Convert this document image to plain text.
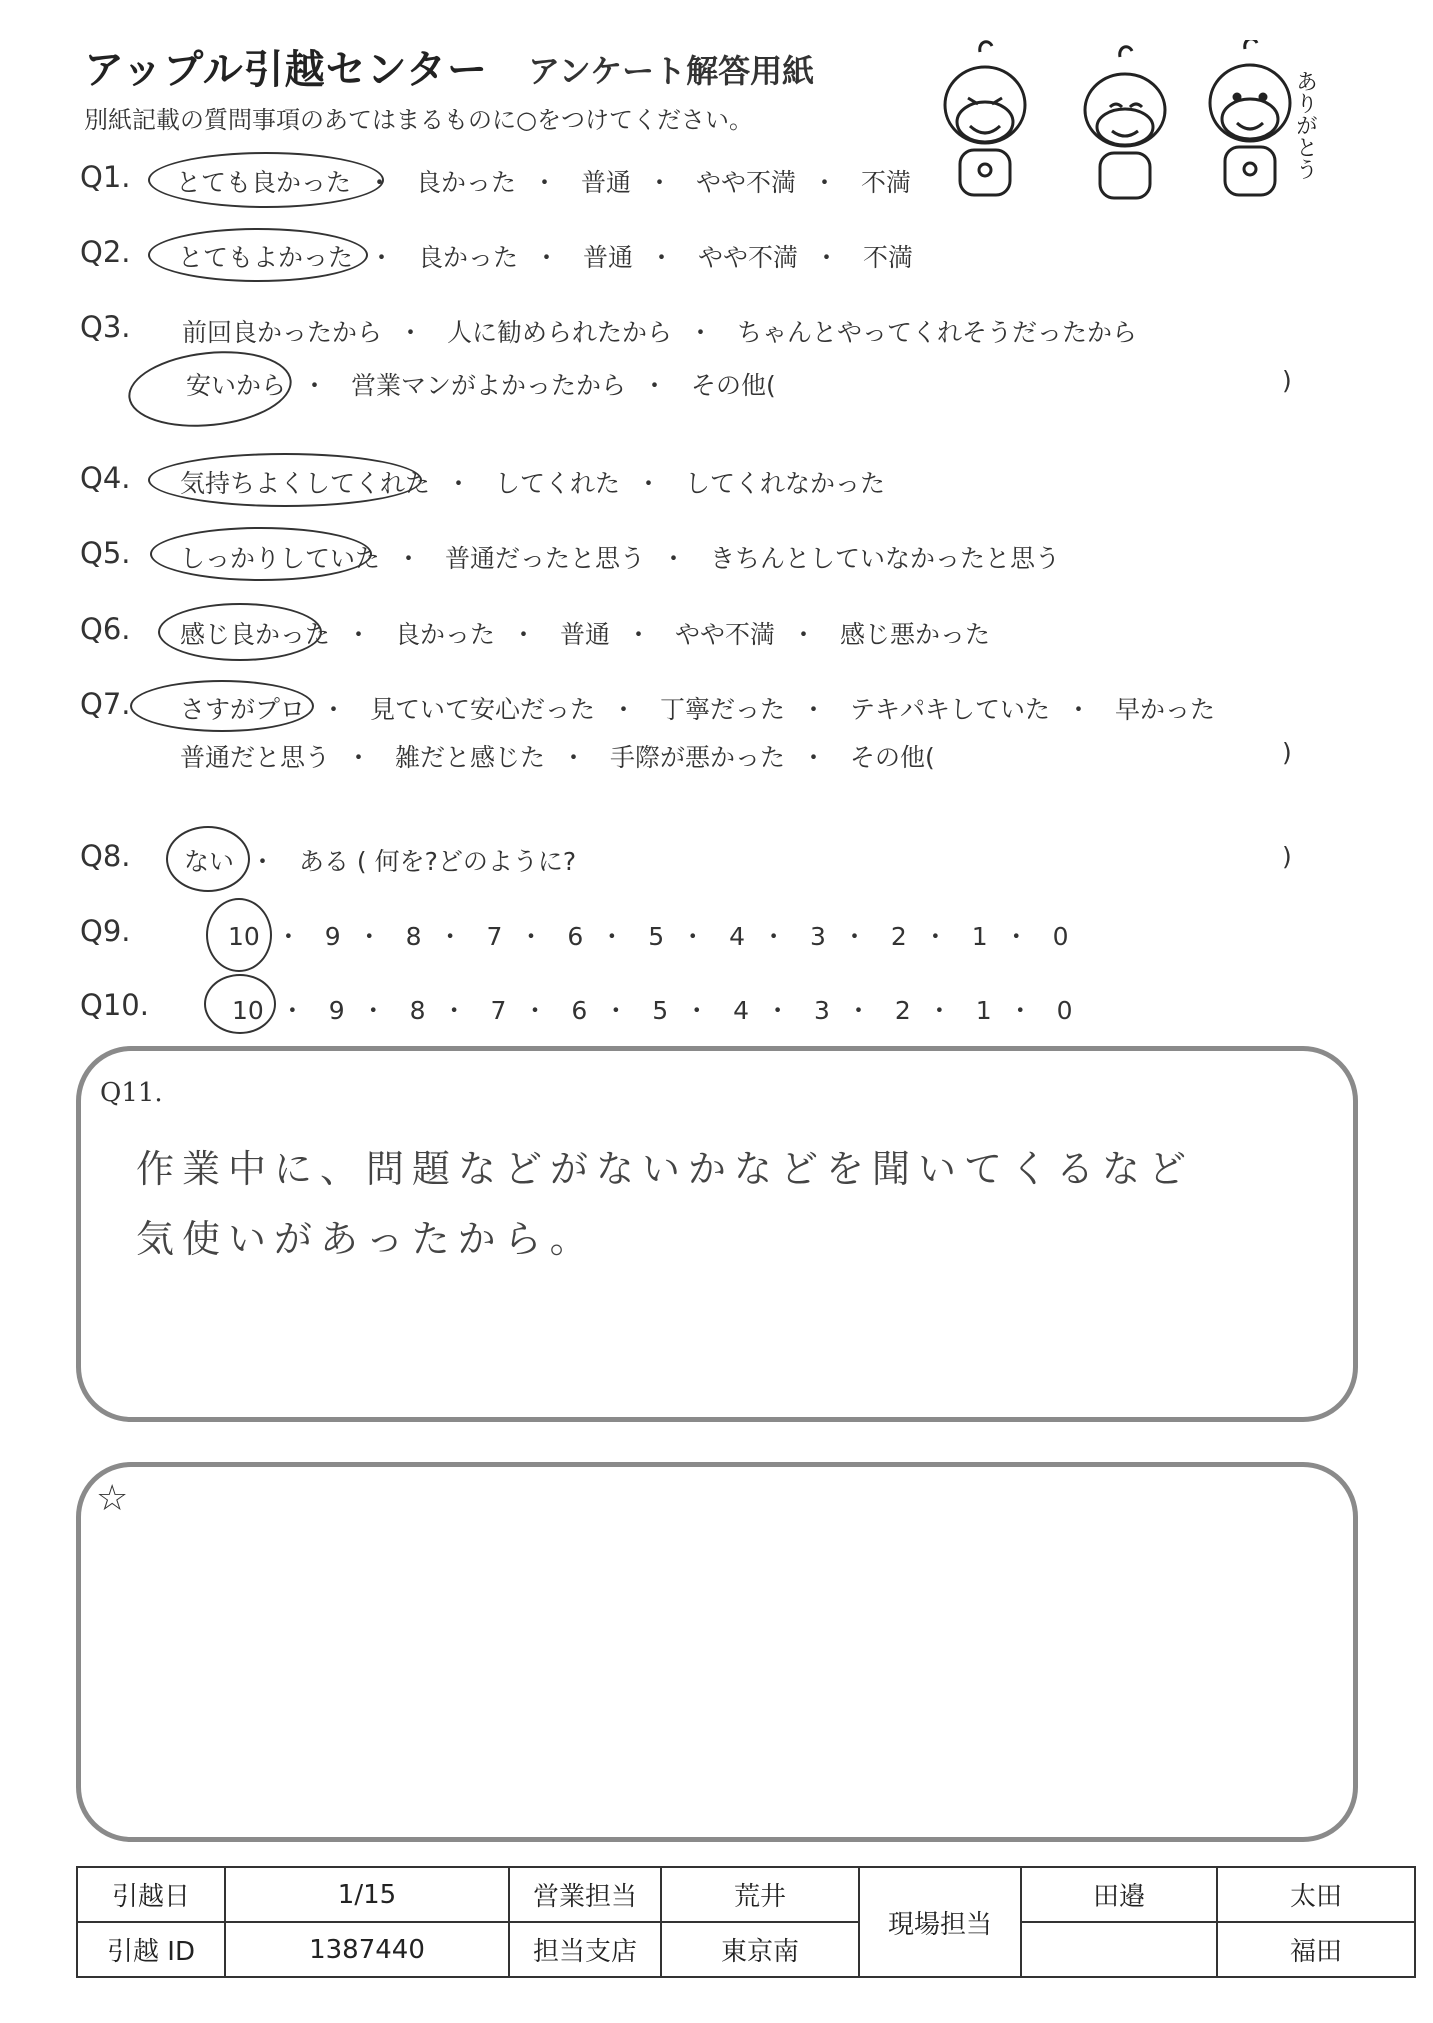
アップル引越センター アンケート解答用紙
別紙記載の質問事項のあてはまるものに○をつけてください。	ありがとう
Q1. とても良かった ・ 良かった ・ 普通 ・ やや不満 ・ 不満
Q2. とてもよかった ・ 良かった ・ 普通 ・ やや不満 ・ 不満
Q3. 前回良かったから ・ 人に勧められたから ・ ちゃんとやってくれそうだったから
安いから ・ 営業マンがよかったから ・ その他(	)
Q4. 気持ちよくしてくれた ・ してくれた ・ してくれなかった
Q5. しっかりしていた ・ 普通だったと思う ・ きちんとしていなかったと思う
Q6. 感じ良かった ・ 良かった ・ 普通 ・ やや不満 ・ 感じ悪かった
Q7. さすがプロ ・ 見ていて安心だった ・ 丁寧だった ・ テキパキしていた ・ 早かった
普通だと思う ・ 雑だと感じた ・ 手際が悪かった ・ その他(	)
Q8. ない ・ ある ( 何を?どのように?	)
Q9.	10 ・ 9 ・ 8 ・ 7 ・ 6 ・ 5 ・ 4 ・ 3 ・ 2 ・ 1 ・ 0
Q10.	10 ・ 9 ・ 8 ・ 7 ・ 6 ・ 5 ・ 4 ・ 3 ・ 2 ・ 1 ・ 0
Q11.
作業中に、問題などがないかなどを聞いてくるなど
気使いがあったから。
☆
引越日	1/15	営業担当	荒井	現場担当	田邉	太田
引越 ID	1387440	担当支店	東京南			福田
